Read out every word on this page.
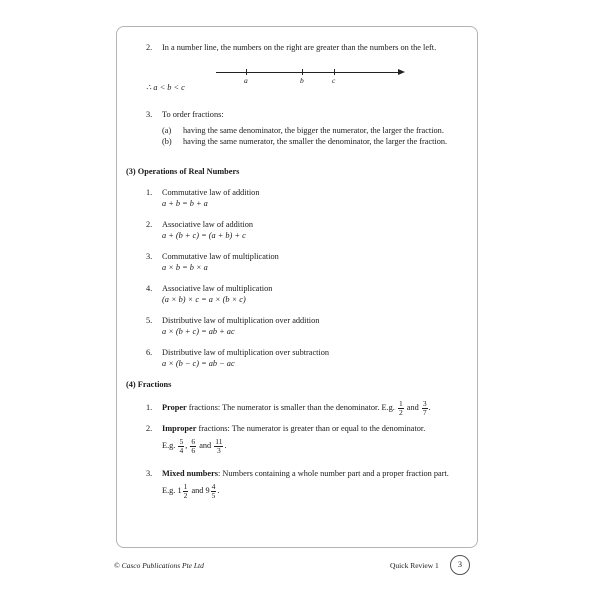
2. In a number line, the numbers on the right are greater than the numbers on the left.
a	b	c
∴ a < b < c
3. To order fractions:
(a) having the same denominator, the bigger the numerator, the larger the fraction.
(b) having the same numerator, the smaller the denominator, the larger the fraction.
(3) Operations of Real Numbers
1. Commutative law of addition
a + b = b + a
2. Associative law of addition
a + (b + c) = (a + b) + c
3. Commutative law of multiplication
a × b = b × a
4. Associative law of multiplication
(a × b) × c = a × (b × c)
5. Distributive law of multiplication over addition
a × (b + c) = ab + ac
6. Distributive law of multiplication over subtraction
a × (b − c) = ab − ac
(4) Fractions
1. Proper fractions: The numerator is smaller than the denominator. E.g. $\frac{1}{2}$ and $\frac{3}{7}$ .
2. Improper fractions: The numerator is greater than or equal to the denominator.
E.g. $\frac{5}{4}$ , $\frac{6}{6}$ and $\frac{11}{3}$ .
3. Mixed numbers: Numbers containing a whole number part and a proper fraction part.
E.g. $1 \frac{1}{2}$ and $9 \frac{4}{5}$ .
© Casco Publications Pte Ltd	Quick Review 1	3
